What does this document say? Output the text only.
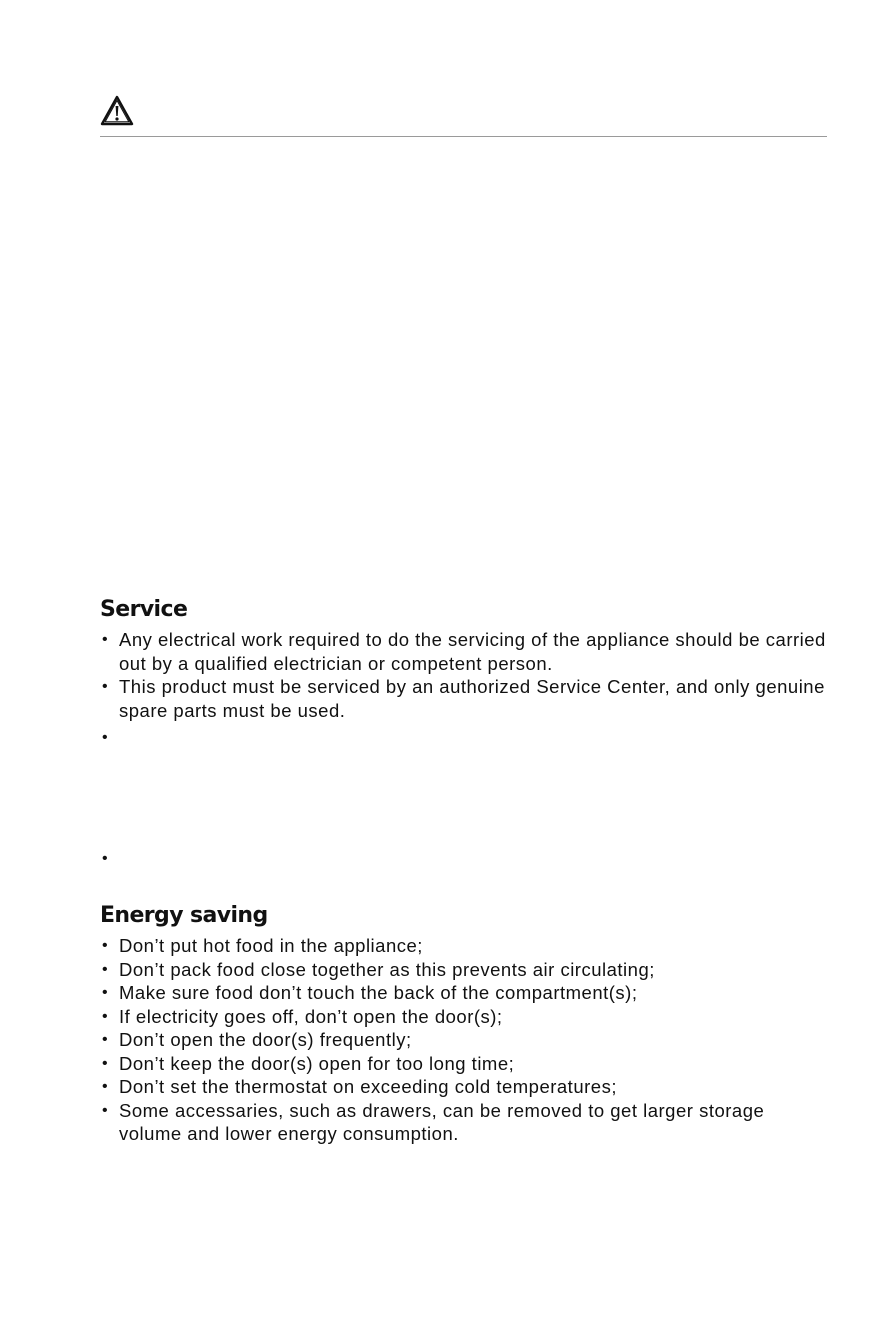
Service
• Any electrical work required to do the servicing of the appliance should be carried out by a qualified electrician or competent person.
• This product must be serviced by an authorized Service Center, and only genuine spare parts must be used.
•
•
Energy saving
• Don’t put hot food in the appliance;
• Don’t pack food close together as this prevents air circulating;
• Make sure food don’t touch the back of the compartment(s);
• If electricity goes off, don’t open the door(s);
• Don’t open the door(s) frequently;
• Don’t keep the door(s) open for too long time;
• Don’t set the thermostat on exceeding cold temperatures;
• Some accessaries, such as drawers, can be removed to get larger storage volume and lower energy consumption.
